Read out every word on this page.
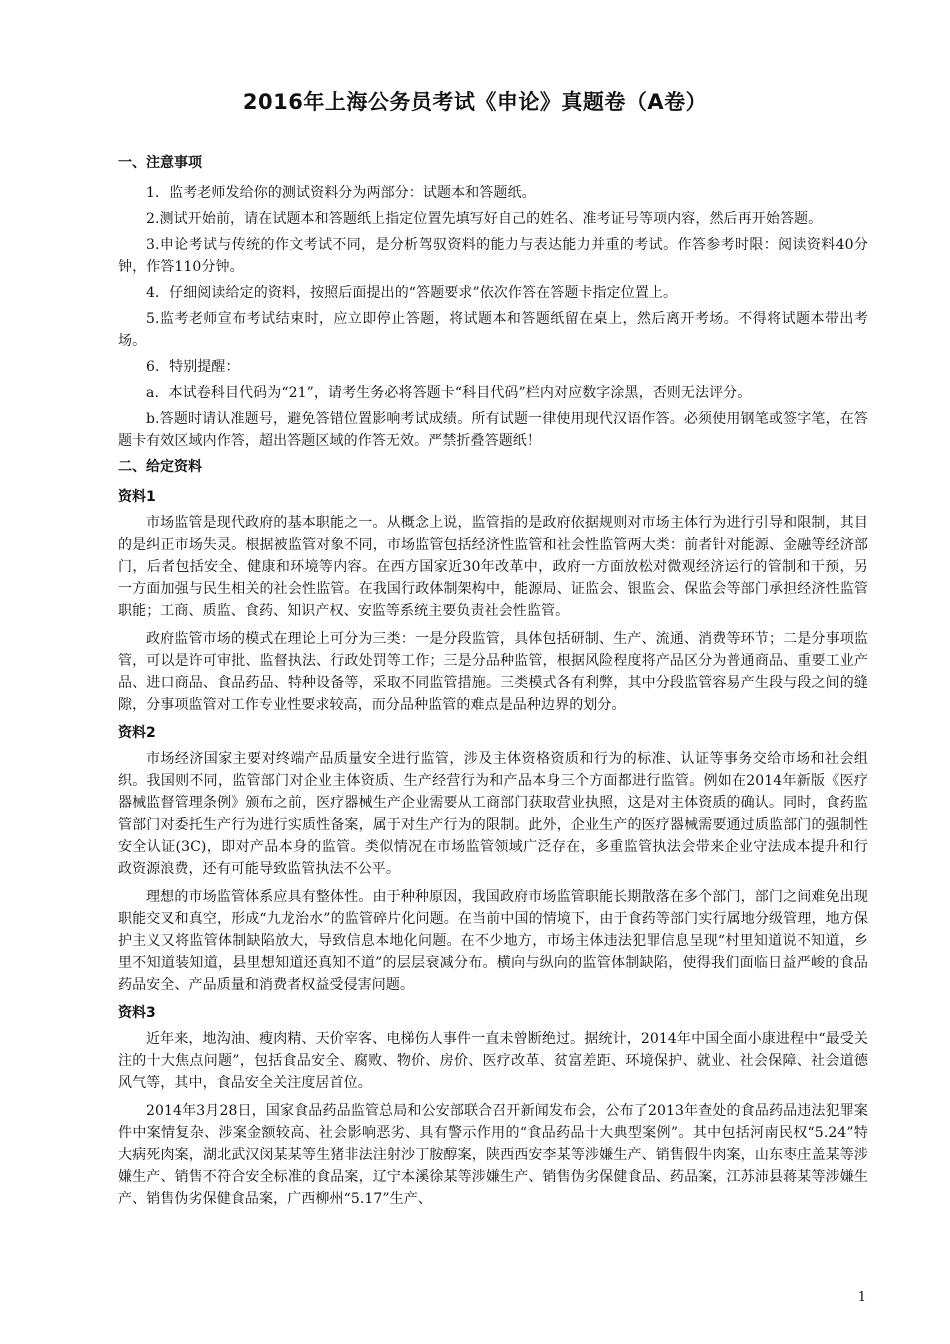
2016年上海公务员考试《申论》真题卷（A卷）
一、注意事项
1．监考老师发给你的测试资料分为两部分：试题本和答题纸。
2.测试开始前，请在试题本和答题纸上指定位置先填写好自己的姓名、准考证号等项内容，然后再开始答题。
3.申论考试与传统的作文考试不同，是分析驾驭资料的能力与表达能力并重的考试。作答参考时限：阅读资料40分钟，作答110分钟。
4．仔细阅读给定的资料，按照后面提出的“答题要求”依次作答在答题卡指定位置上。
5.监考老师宣布考试结束时，应立即停止答题，将试题本和答题纸留在桌上，然后离开考场。不得将试题本带出考场。
6．特别提醒：
a．本试卷科目代码为“21”，请考生务必将答题卡“科目代码”栏内对应数字涂黑，否则无法评分。
b.答题时请认准题号，避免答错位置影响考试成绩。所有试题一律使用现代汉语作答。必须使用钢笔或签字笔，在答题卡有效区域内作答，超出答题区域的作答无效。严禁折叠答题纸！
二、给定资料
资料1
市场监管是现代政府的基本职能之一。从概念上说，监管指的是政府依据规则对市场主体行为进行引导和限制，其目的是纠正市场失灵。根据被监管对象不同，市场监管包括经济性监管和社会性监管两大类：前者针对能源、金融等经济部门，后者包括安全、健康和环境等内容。在西方国家近30年改革中，政府一方面放松对微观经济运行的管制和干预，另一方面加强与民生相关的社会性监管。在我国行政体制架构中，能源局、证监会、银监会、保监会等部门承担经济性监管职能；工商、质监、食药、知识产权、安监等系统主要负责社会性监管。
政府监管市场的模式在理论上可分为三类：一是分段监管，具体包括研制、生产、流通、消费等环节；二是分事项监管，可以是许可审批、监督执法、行政处罚等工作；三是分品种监管，根据风险程度将产品区分为普通商品、重要工业产品、进口商品、食品药品、特种设备等，采取不同监管措施。三类模式各有利弊，其中分段监管容易产生段与段之间的缝隙，分事项监管对工作专业性要求较高，而分品种监管的难点是品种边界的划分。
资料2
市场经济国家主要对终端产品质量安全进行监管，涉及主体资格资质和行为的标准、认证等事务交给市场和社会组织。我国则不同，监管部门对企业主体资质、生产经营行为和产品本身三个方面都进行监管。例如在2014年新版《医疗器械监督管理条例》颁布之前，医疗器械生产企业需要从工商部门获取营业执照，这是对主体资质的确认。同时，食药监管部门对委托生产行为进行实质性备案，属于对生产行为的限制。此外，企业生产的医疗器械需要通过质监部门的强制性安全认证(3C)，即对产品本身的监管。类似情况在市场监管领域广泛存在，多重监管执法会带来企业守法成本提升和行政资源浪费，还有可能导致监管执法不公平。
理想的市场监管体系应具有整体性。由于种种原因，我国政府市场监管职能长期散落在多个部门，部门之间难免出现职能交叉和真空，形成“九龙治水”的监管碎片化问题。在当前中国的情境下，由于食药等部门实行属地分级管理，地方保护主义又将监管体制缺陷放大，导致信息本地化问题。在不少地方，市场主体违法犯罪信息呈现“村里知道说不知道，乡里不知道装知道，县里想知道还真知不道”的层层衰减分布。横向与纵向的监管体制缺陷，使得我们面临日益严峻的食品药品安全、产品质量和消费者权益受侵害问题。
资料3
近年来，地沟油、瘦肉精、天价宰客、电梯伤人事件一直未曾断绝过。据统计，2014年中国全面小康进程中“最受关注的十大焦点问题”，包括食品安全、腐败、物价、房价、医疗改革、贫富差距、环境保护、就业、社会保障、社会道德风气等，其中，食品安全关注度居首位。
2014年3月28日，国家食品药品监管总局和公安部联合召开新闻发布会，公布了2013年查处的食品药品违法犯罪案件中案情复杂、涉案金额较高、社会影响恶劣、具有警示作用的“食品药品十大典型案例”。其中包括河南民权“5.24”特大病死肉案，湖北武汉闵某某等生猪非法注射沙丁胺醇案，陕西西安李某等涉嫌生产、销售假牛肉案，山东枣庄盖某等涉嫌生产、销售不符合安全标准的食品案，辽宁本溪徐某等涉嫌生产、销售伪劣保健食品、药品案，江苏沛县蒋某等涉嫌生产、销售伪劣保健食品案，广西柳州“5.17”生产、
1
